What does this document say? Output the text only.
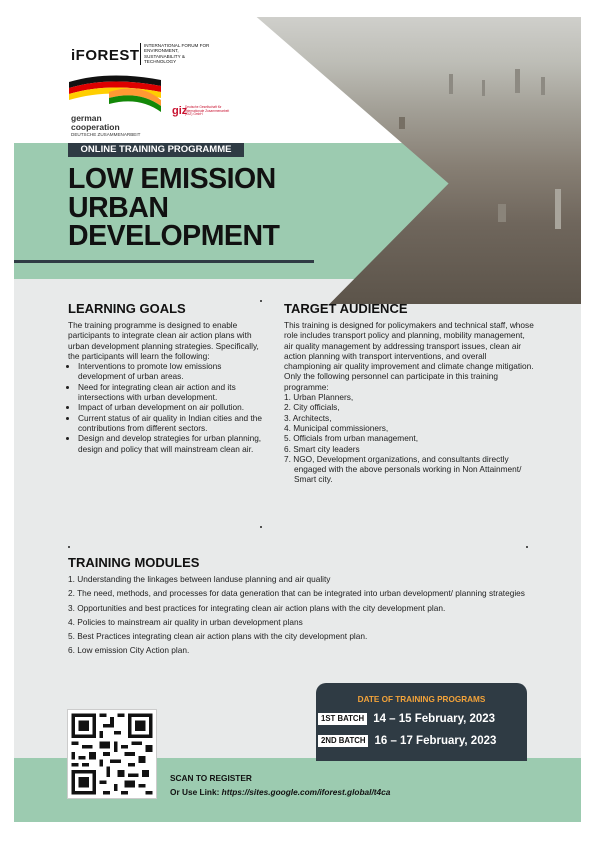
iFOREST
INTERNATIONAL FORUM FOR ENVIRONMENT, SUSTAINABILITY & TECHNOLOGY
german
cooperation
DEUTSCHE ZUSAMMENARBEIT
giz
Deutsche Gesellschaft für Internationale Zusammenarbeit (GIZ) GmbH
ONLINE TRAINING PROGRAMME
LOW EMISSION URBAN DEVELOPMENT
LEARNING GOALS
The training programme is designed to enable participants to integrate clean air action plans with urban development planning strategies. Specifically, the participants will learn the following:
• Interventions to promote low emissions development of urban areas.
• Need for integrating clean air action and its intersections with urban development.
• Impact of urban development on air pollution.
• Current status of air quality in Indian cities and the contributions from different sectors.
• Design and develop strategies for urban planning, design and policy that will mainstream clean air.
TARGET AUDIENCE
This training is designed for policymakers and technical staff, whose role includes transport policy and planning, mobility management, air quality management by addressing transport issues, clean air action planning with transport interventions, and overall championing air quality improvement and climate change mitigation. Only the following personnel can participate in this training programme:
1. Urban Planners,
2. City officials,
3. Architects,
4. Municipal commissioners,
5. Officials from urban management,
6. Smart city leaders
7. NGO, Development organizations, and consultants directly engaged with the above personals working in Non Attainment/ Smart city.
TRAINING MODULES
1. Understanding the linkages between landuse planning and air quality
2. The need, methods, and processes for data generation that can be integrated into urban development/ planning strategies
3. Opportunities and best practices for integrating clean air action plans with the city development plan.
4. Policies to mainstream air quality in urban development plans
5. Best Practices integrating clean air action plans with the city development plan.
6. Low emission City Action plan.
DATE OF TRAINING PROGRAMS
1ST BATCH 14 – 15 February, 2023
2ND BATCH 16 – 17 February, 2023
SCAN TO REGISTER
Or Use Link: https://sites.google.com/iforest.global/t4ca
